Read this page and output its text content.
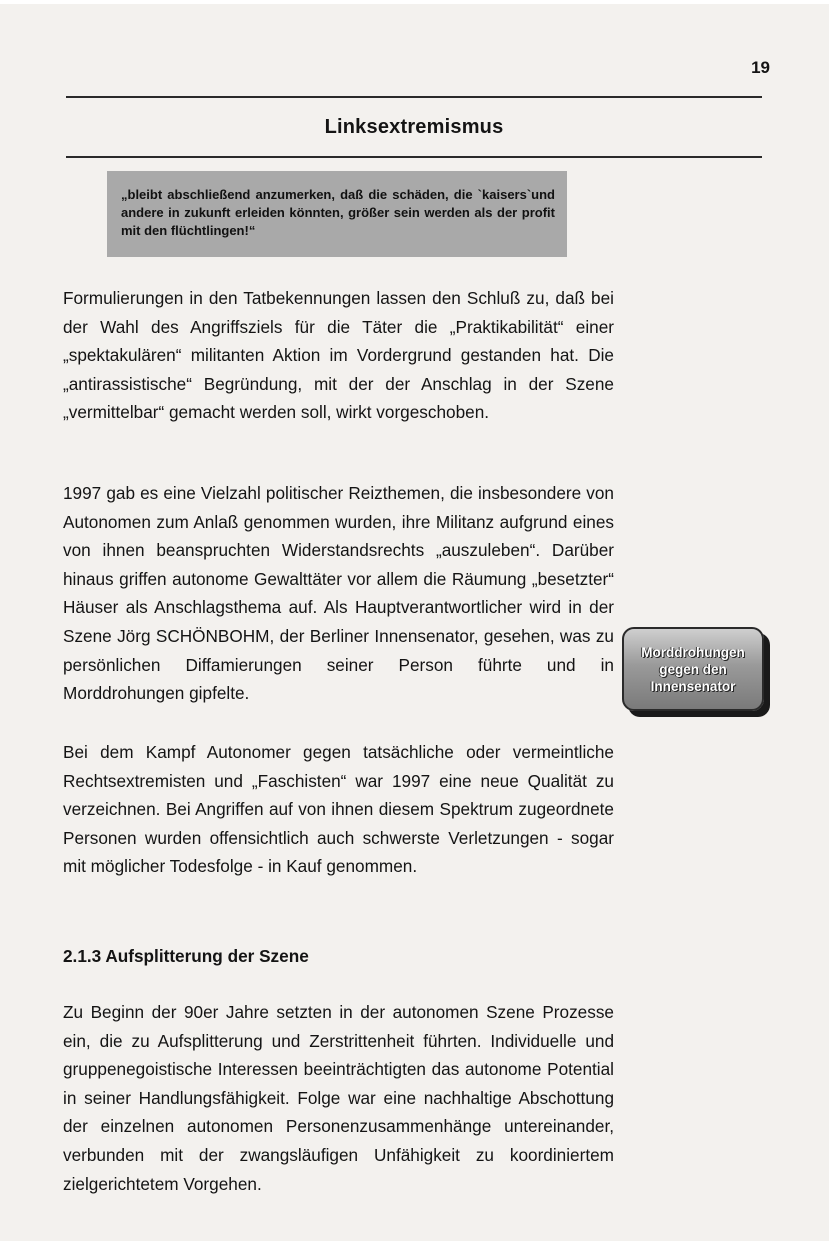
19
Linksextremismus
„bleibt abschließend anzumerken, daß die schäden, die `kaisers`und andere in zukunft erleiden könnten, größer sein werden als der profit mit den flüchtlingen!“

Formulierungen in den Tatbekennungen lassen den Schluß zu, daß bei der Wahl des Angriffsziels für die Täter die „Praktikabilität“ einer „spektakulären“ militanten Aktion im Vordergrund gestanden hat. Die „antirassistische“ Begründung, mit der der Anschlag in der Szene „vermittelbar“ gemacht werden soll, wirkt vorgeschoben.

1997 gab es eine Vielzahl politischer Reizthemen, die insbesondere von Autonomen zum Anlaß genommen wurden, ihre Militanz aufgrund eines von ihnen beanspruchten Widerstandsrechts „auszuleben“. Darüber hinaus griffen autonome Gewalttäter vor allem die Räumung „besetzter“ Häuser als Anschlagsthema auf. Als Hauptverantwortlicher wird in der Szene Jörg SCHÖNBOHM, der Berliner Innensenator, gesehen, was zu persönlichen Diffamierungen seiner Person führte und in Morddrohungen gipfelte.

Bei dem Kampf Autonomer gegen tatsächliche oder vermeintliche Rechtsextremisten und „Faschisten“ war 1997 eine neue Qualität zu verzeichnen. Bei Angriffen auf von ihnen diesem Spektrum zugeordnete Personen wurden offensichtlich auch schwerste Verletzungen - sogar mit möglicher Todesfolge - in Kauf genommen.

Morddrohungen
gegen den
Innensenator
2.1.3 Aufsplitterung der Szene

Zu Beginn der 90er Jahre setzten in der autonomen Szene Prozesse ein, die zu Aufsplitterung und Zerstrittenheit führten. Individuelle und gruppenegoistische Interessen beeinträchtigten das autonome Potential in seiner Handlungsfähigkeit. Folge war eine nachhaltige Abschottung der einzelnen autonomen Personenzusammenhänge untereinander, verbunden mit der zwangsläufigen Unfähigkeit zu koordiniertem zielgerichtetem Vorgehen.
